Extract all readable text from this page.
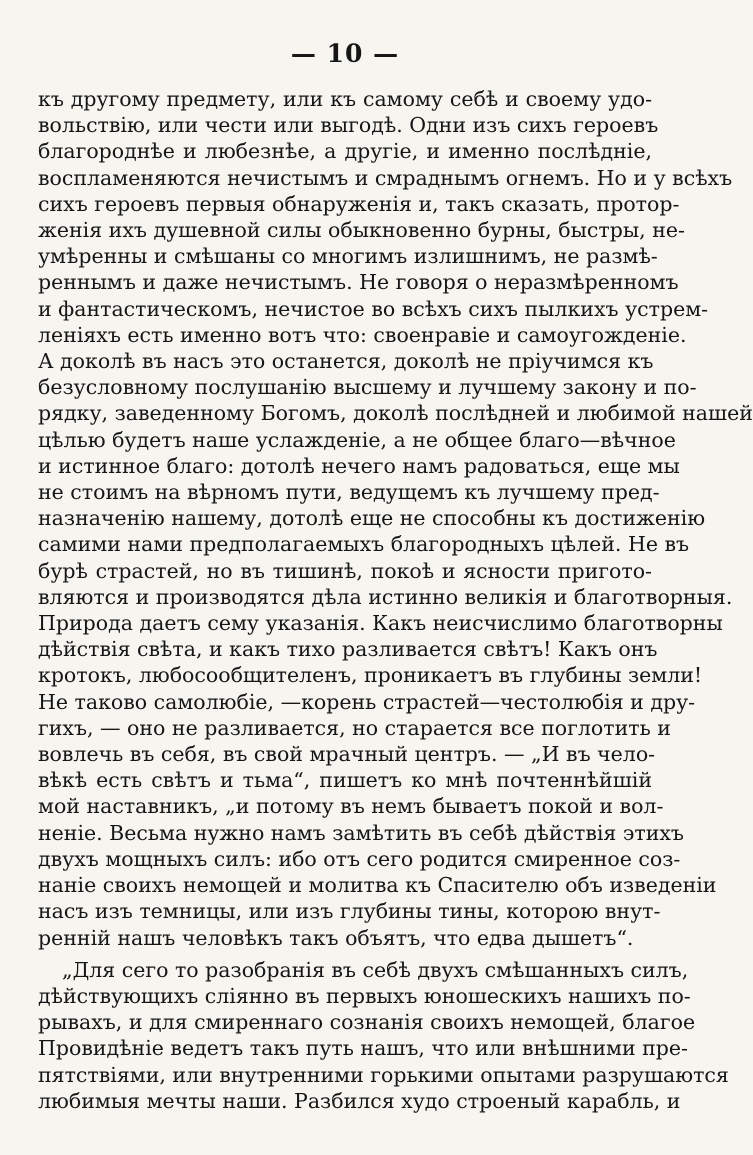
— 10 —
къ другому предмету, или къ самому себѣ и своему удо-
вольствію, или чести или выгодѣ. Одни изъ сихъ героевъ
благороднѣе и любезнѣе, а другіе, и именно послѣдніе,
воспламеняются нечистымъ и смраднымъ огнемъ. Но и у всѣхъ
сихъ героевъ первыя обнаруженія и, такъ сказать, протор-
женія ихъ душевной силы обыкновенно бурны, быстры, не-
умѣренны и смѣшаны со многимъ излишнимъ, не размѣ-
реннымъ и даже нечистымъ. Не говоря о неразмѣренномъ
и фантастическомъ, нечистое во всѣхъ сихъ пылкихъ устрем-
леніяхъ есть именно вотъ что: своенравіе и самоугожденіе.
А доколѣ въ насъ это останется, доколѣ не пріучимся къ
безусловному послушанію высшему и лучшему закону и по-
рядку, заведенному Богомъ, доколѣ послѣдней и любимой нашей
цѣлью будетъ наше услажденіе, а не общее благо—вѣчное
и истинное благо: дотолѣ нечего намъ радоваться, еще мы
не стоимъ на вѣрномъ пути, ведущемъ къ лучшему пред-
назначенію нашему, дотолѣ еще не способны къ достиженію
самими нами предполагаемыхъ благородныхъ цѣлей. Не въ
бурѣ страстей, но въ тишинѣ, покоѣ и ясности пригото-
вляются и производятся дѣла истинно великія и благотворныя.
Природа даетъ сему указанія. Какъ неисчислимо благотворны
дѣйствія свѣта, и какъ тихо разливается свѣтъ! Какъ онъ
кротокъ, любосообщителенъ, проникаетъ въ глубины земли!
Не таково самолюбіе, —корень страстей—честолюбія и дру-
гихъ, — оно не разливается, но старается все поглотить и
вовлечь въ себя, въ свой мрачный центръ. — „И въ чело-
вѣкѣ есть свѣтъ и тьма“, пишетъ ко мнѣ почтеннѣйшій
мой наставникъ, „и потому въ немъ бываетъ покой и вол-
неніе. Весьма нужно намъ замѣтить въ себѣ дѣйствія этихъ
двухъ мощныхъ силъ: ибо отъ сего родится смиренное соз-
наніе своихъ немощей и молитва къ Спасителю объ изведеніи
насъ изъ темницы, или изъ глубины тины, которою внут-
ренній нашъ человѣкъ такъ объятъ, что едва дышетъ“.
„Для сего то разобранія въ себѣ двухъ смѣшанныхъ силъ,
дѣйствующихъ сліянно въ первыхъ юношескихъ нашихъ по-
рывахъ, и для смиреннаго сознанія своихъ немощей, благое
Провидѣніе ведетъ такъ путь нашъ, что или внѣшними пре-
пятствіями, или внутренними горькими опытами разрушаются
любимыя мечты наши. Разбился худо строеный карабль, и
